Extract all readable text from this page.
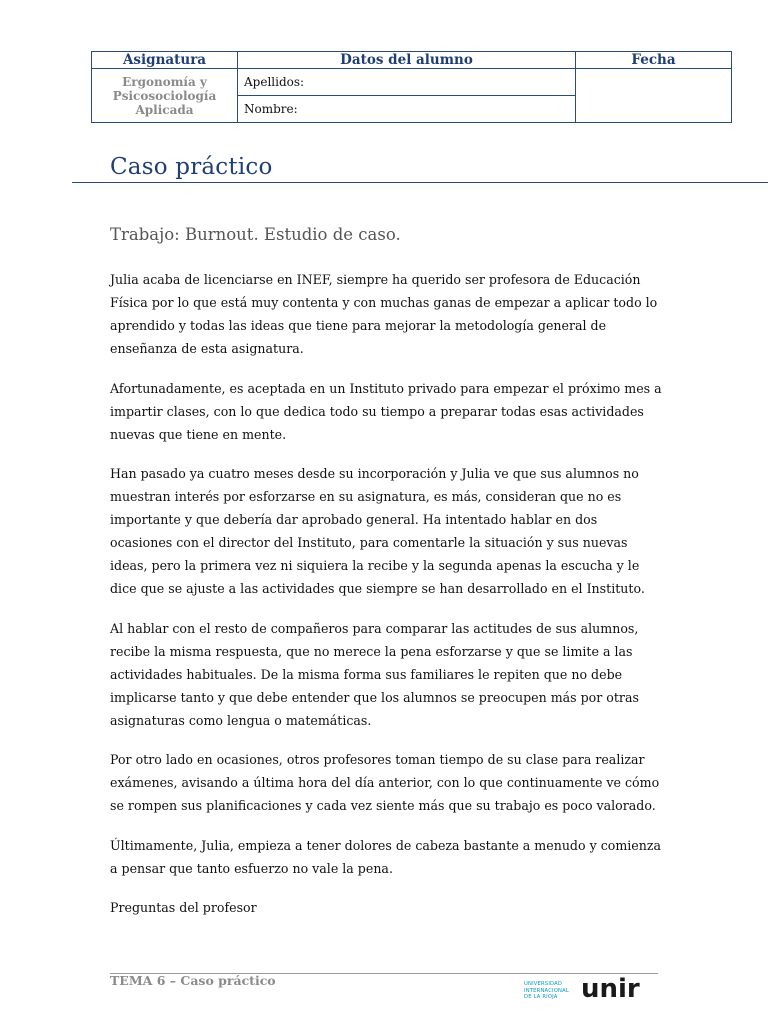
Asignatura	Datos del alumno	Fecha

Ergonomía y
Psicosociología
Aplicada	Apellidos:	
	Nombre:	
Caso práctico
Trabajo: Burnout. Estudio de caso.

Julia acaba de licenciarse en INEF, siempre ha querido ser profesora de Educación Física por lo que está muy contenta y con muchas ganas de empezar a aplicar todo lo aprendido y todas las ideas que tiene para mejorar la metodología general de enseñanza de esta asignatura.

Afortunadamente, es aceptada en un Instituto privado para empezar el próximo mes a impartir clases, con lo que dedica todo su tiempo a preparar todas esas actividades nuevas que tiene en mente.

Han pasado ya cuatro meses desde su incorporación y Julia ve que sus alumnos no muestran interés por esforzarse en su asignatura, es más, consideran que no es importante y que debería dar aprobado general. Ha intentado hablar en dos ocasiones con el director del Instituto, para comentarle la situación y sus nuevas ideas, pero la primera vez ni siquiera la recibe y la segunda apenas la escucha y le dice que se ajuste a las actividades que siempre se han desarrollado en el Instituto.

Al hablar con el resto de compañeros para comparar las actitudes de sus alumnos, recibe la misma respuesta, que no merece la pena esforzarse y que se limite a las actividades habituales. De la misma forma sus familiares le repiten que no debe implicarse tanto y que debe entender que los alumnos se preocupen más por otras asignaturas como lengua o matemáticas.

Por otro lado en ocasiones, otros profesores toman tiempo de su clase para realizar exámenes, avisando a última hora del día anterior, con lo que continuamente ve cómo se rompen sus planificaciones y cada vez siente más que su trabajo es poco valorado.

Últimamente, Julia, empieza a tener dolores de cabeza bastante a menudo y comienza a pensar que tanto esfuerzo no vale la pena.

Preguntas del profesor

TEMA 6 – Caso práctico	UNIVERSIDAD
INTERNACIONAL
DE LA RIOJA unir
